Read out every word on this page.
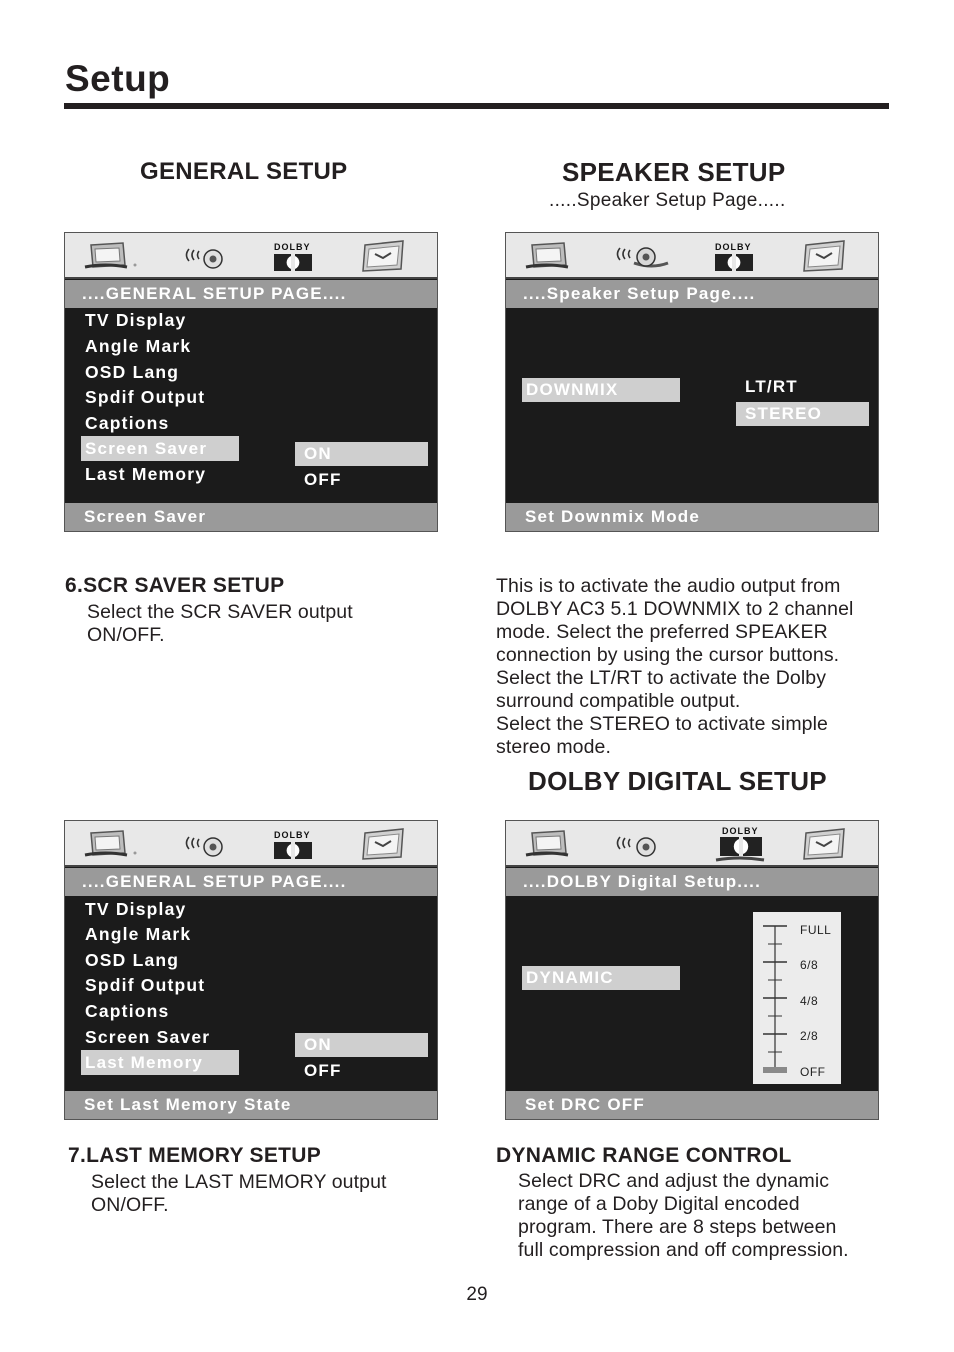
Setup
GENERAL SETUP	SPEAKER SETUP
.....Speaker Setup Page.....
DOLBY
....GENERAL SETUP PAGE....
TV Display
Angle Mark
OSD Lang
Spdif Output
Captions
Screen Saver
Last Memory
ON
OFF
Screen Saver
DOLBY
....Speaker Setup Page....
DOWNMIX	LT/RT
STEREO
Set Downmix Mode
6.SCR SAVER SETUP
Select the SCR SAVER output
ON/OFF.
This is to activate the audio output from
DOLBY AC3 5.1 DOWNMIX to 2 channel
mode. Select the preferred SPEAKER
connection by using the cursor buttons.
Select the LT/RT to activate the Dolby
surround compatible output.
Select the STEREO to activate simple
stereo mode.
DOLBY DIGITAL SETUP
DOLBY
....GENERAL SETUP PAGE....
TV Display
Angle Mark
OSD Lang
Spdif Output
Captions
Screen Saver
Last Memory
ON
OFF
Set Last Memory State
DOLBY
....DOLBY Digital Setup....
DYNAMIC
FULL
6/8
4/8
2/8
OFF
Set DRC OFF
7.LAST MEMORY SETUP
Select the LAST MEMORY output
ON/OFF.
DYNAMIC RANGE CONTROL
Select DRC and adjust the dynamic
range of a Doby Digital encoded
program. There are 8 steps between
full compression and off compression.
29
